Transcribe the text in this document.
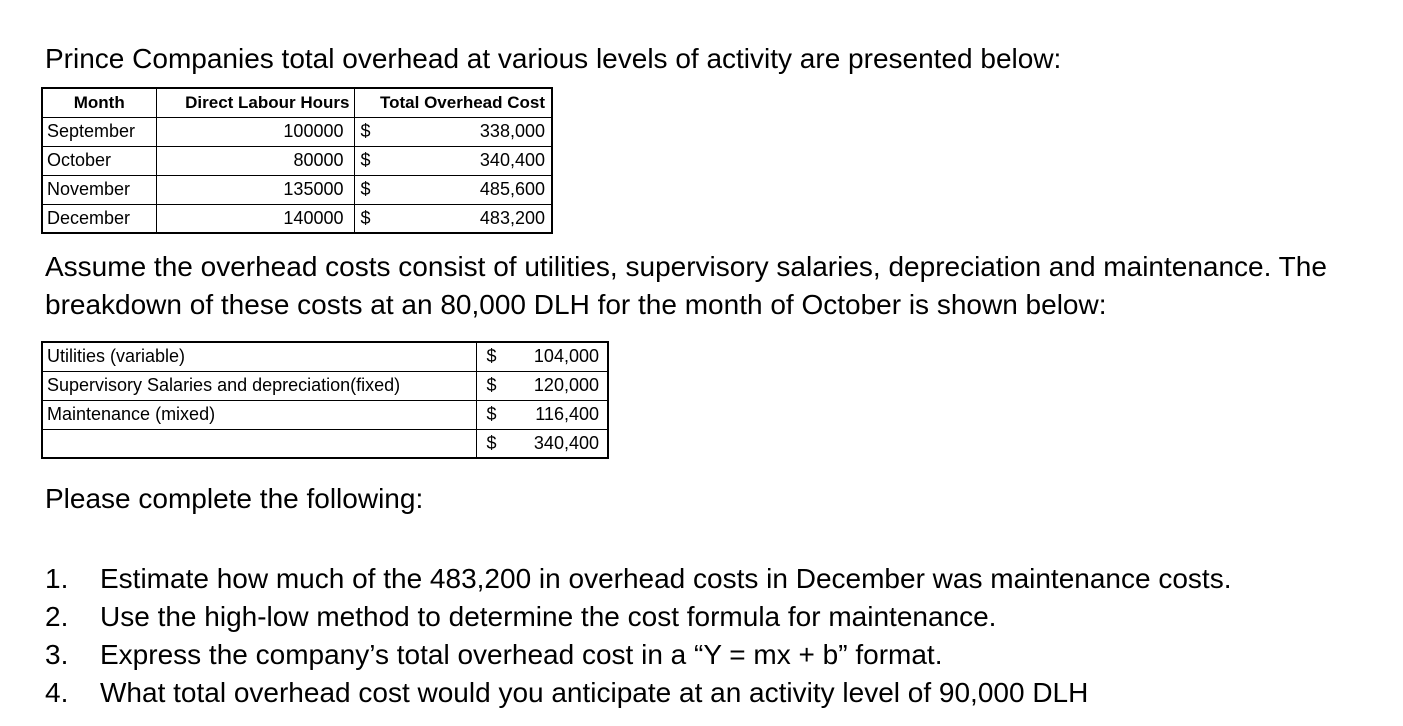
Prince Companies total overhead at various levels of activity are presented below:
Month	Direct Labour Hours	Total Overhead Cost
September	100000	$ 338,000
October	80000	$ 340,400
November	135000	$ 485,600
December	140000	$ 483,200
Assume the overhead costs consist of utilities, supervisory salaries, depreciation and maintenance. The
breakdown of these costs at an 80,000 DLH for the month of October is shown below:
Utilities (variable)	$ 104,000
Supervisory Salaries and depreciation(fixed)	$ 120,000
Maintenance (mixed)	$ 116,400

	$ 340,400
Please complete the following:
1.	Estimate how much of the 483,200 in overhead costs in December was maintenance costs.
2.	Use the high-low method to determine the cost formula for maintenance.
3.	Express the company’s total overhead cost in a “Y = mx + b” format.
4.	What total overhead cost would you anticipate at an activity level of 90,000 DLH
